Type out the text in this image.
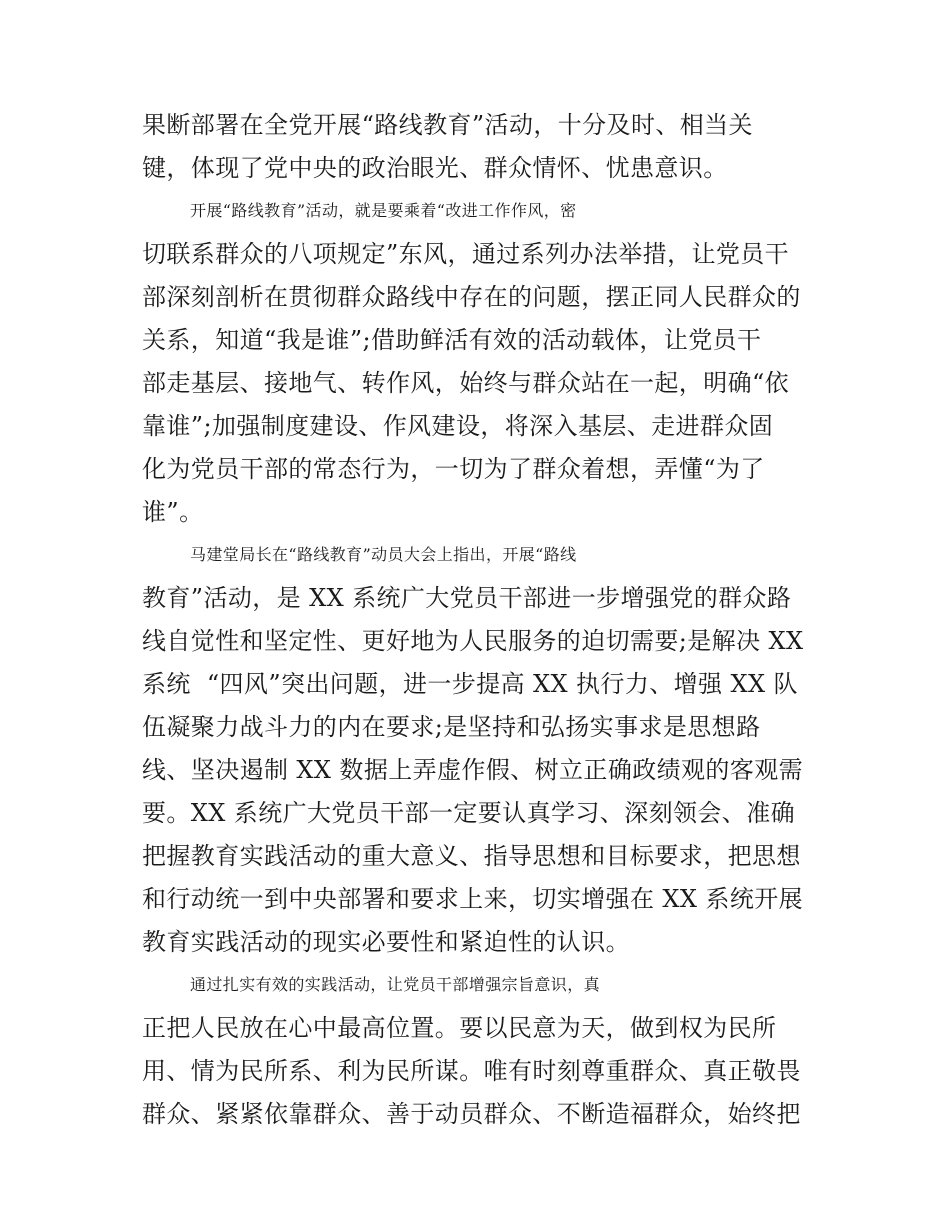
果断部署在全党开展“路线教育”活动，十分及时、相当关
键，体现了党中央的政治眼光、群众情怀、忧患意识。
开展“路线教育”活动，就是要乘着“改进工作作风，密
切联系群众的八项规定”东风，通过系列办法举措，让党员干
部深刻剖析在贯彻群众路线中存在的问题，摆正同人民群众的
关系，知道“我是谁”;借助鲜活有效的活动载体，让党员干
部走基层、接地气、转作风，始终与群众站在一起，明确“依
靠谁”;加强制度建设、作风建设，将深入基层、走进群众固
化为党员干部的常态行为，一切为了群众着想，弄懂“为了
谁”。
马建堂局长在“路线教育”动员大会上指出，开展“路线
教育”活动，是 XX 系统广大党员干部进一步增强党的群众路
线自觉性和坚定性、更好地为人民服务的迫切需要;是解决 XX
系统  “四风”突出问题，进一步提高 XX 执行力、增强 XX 队
伍凝聚力战斗力的内在要求;是坚持和弘扬实事求是思想路
线、坚决遏制 XX 数据上弄虚作假、树立正确政绩观的客观需
要。XX 系统广大党员干部一定要认真学习、深刻领会、准确
把握教育实践活动的重大意义、指导思想和目标要求，把思想
和行动统一到中央部署和要求上来，切实增强在 XX 系统开展
教育实践活动的现实必要性和紧迫性的认识。
通过扎实有效的实践活动，让党员干部增强宗旨意识，真
正把人民放在心中最高位置。要以民意为天，做到权为民所
用、情为民所系、利为民所谋。唯有时刻尊重群众、真正敬畏
群众、紧紧依靠群众、善于动员群众、不断造福群众，始终把
